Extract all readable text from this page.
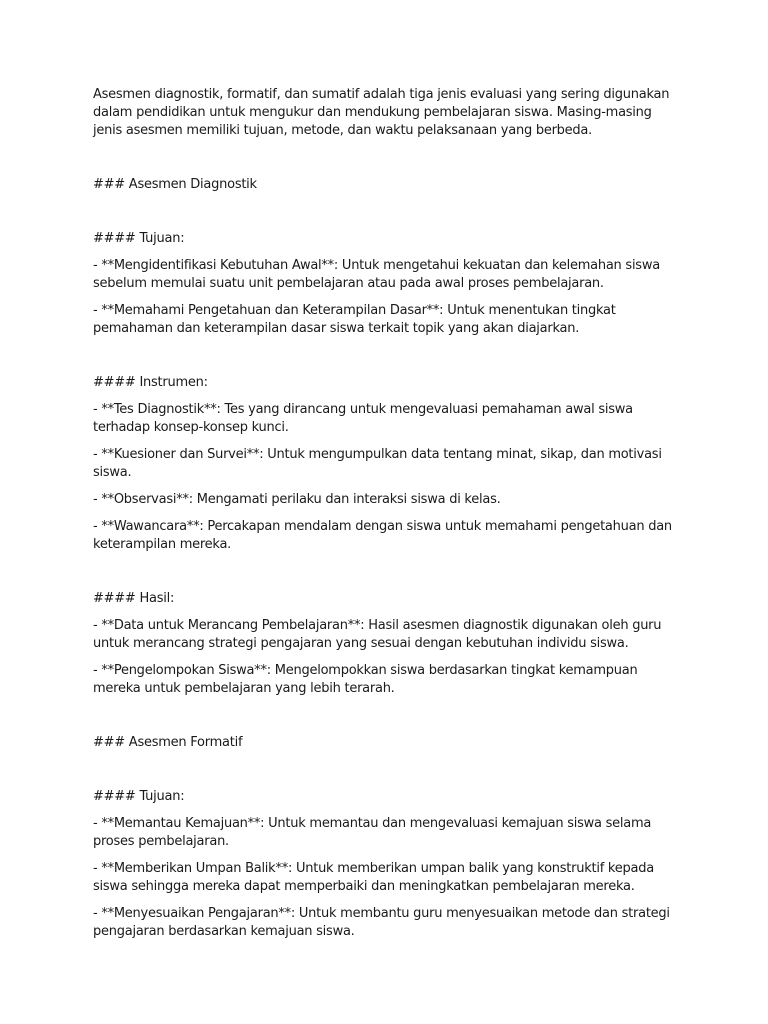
Asesmen diagnostik, formatif, dan sumatif adalah tiga jenis evaluasi yang sering digunakan dalam pendidikan untuk mengukur dan mendukung pembelajaran siswa. Masing-masing jenis asesmen memiliki tujuan, metode, dan waktu pelaksanaan yang berbeda.

### Asesmen Diagnostik

#### Tujuan:

- **Mengidentifikasi Kebutuhan Awal**: Untuk mengetahui kekuatan dan kelemahan siswa sebelum memulai suatu unit pembelajaran atau pada awal proses pembelajaran.

- **Memahami Pengetahuan dan Keterampilan Dasar**: Untuk menentukan tingkat pemahaman dan keterampilan dasar siswa terkait topik yang akan diajarkan.

#### Instrumen:

- **Tes Diagnostik**: Tes yang dirancang untuk mengevaluasi pemahaman awal siswa terhadap konsep-konsep kunci.

- **Kuesioner dan Survei**: Untuk mengumpulkan data tentang minat, sikap, dan motivasi siswa.

- **Observasi**: Mengamati perilaku dan interaksi siswa di kelas.

- **Wawancara**: Percakapan mendalam dengan siswa untuk memahami pengetahuan dan keterampilan mereka.

#### Hasil:

- **Data untuk Merancang Pembelajaran**: Hasil asesmen diagnostik digunakan oleh guru untuk merancang strategi pengajaran yang sesuai dengan kebutuhan individu siswa.

- **Pengelompokan Siswa**: Mengelompokkan siswa berdasarkan tingkat kemampuan mereka untuk pembelajaran yang lebih terarah.

### Asesmen Formatif

#### Tujuan:

- **Memantau Kemajuan**: Untuk memantau dan mengevaluasi kemajuan siswa selama proses pembelajaran.

- **Memberikan Umpan Balik**: Untuk memberikan umpan balik yang konstruktif kepada siswa sehingga mereka dapat memperbaiki dan meningkatkan pembelajaran mereka.

- **Menyesuaikan Pengajaran**: Untuk membantu guru menyesuaikan metode dan strategi pengajaran berdasarkan kemajuan siswa.
